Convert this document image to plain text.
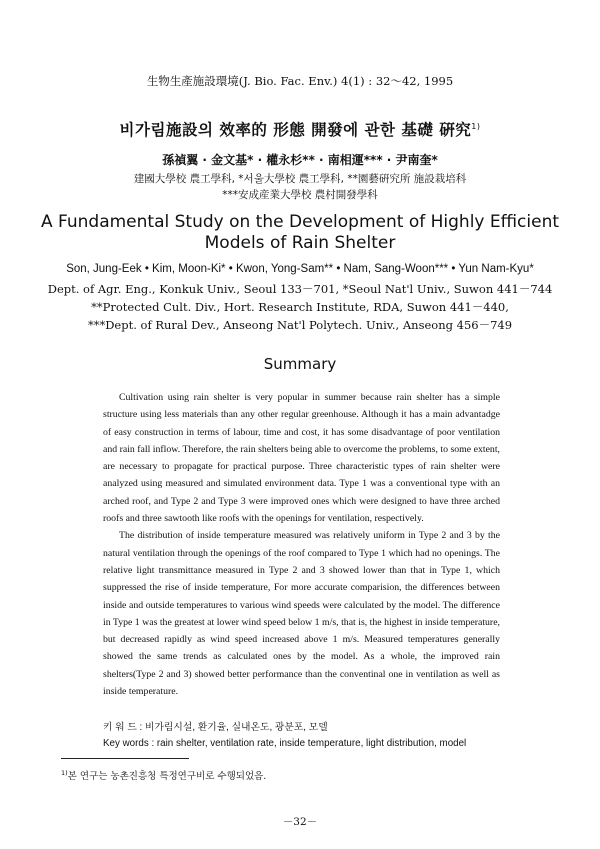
生物生產施設環境(J. Bio. Fac. Env.) 4(1) : 32～42, 1995
비가림施設의 效率的 形態 開發에 관한 基礎 硏究$^{1)}$
孫禎翼 · 金文基* · 權永杉** · 南相運*** · 尹南奎*
建國大學校 農工學科, *서울大學校 農工學科, **園藝硏究所 施設栽培科
***安成産業大學校 農村開發學科
A Fundamental Study on the Development of Highly Efficient
Models of Rain Shelter
Son, Jung-Eek • Kim, Moon-Ki* • Kwon, Yong-Sam** • Nam, Sang-Woon*** • Yun Nam-Kyu*
Dept. of Agr. Eng., Konkuk Univ., Seoul 133－701, *Seoul Nat'l Univ., Suwon 441－744
**Protected Cult. Div., Hort. Research Institute, RDA, Suwon 441－440,
***Dept. of Rural Dev., Anseong Nat'l Polytech. Univ., Anseong 456－749
Summary

Cultivation using rain shelter is very popular in summer because rain shelter has a simple structure using less materials than any other regular greenhouse. Although it has a main advantadge of easy construction in terms of labour, time and cost, it has some disadvantage of poor ventilation and rain fall inflow. Therefore, the rain shelters being able to overcome the problems, to some extent, are necessary to propagate for practical purpose. Three characteristic types of rain shelter were analyzed using measured and simulated environment data. Type 1 was a conventional type with an arched roof, and Type 2 and Type 3 were improved ones which were designed to have three arched roofs and three sawtooth like roofs with the openings for ventilation, respectively.

The distribution of inside temperature measured was relatively uniform in Type 2 and 3 by the natural ventilation through the openings of the roof compared to Type 1 which had no openings. The relative light transmittance measured in Type 2 and 3 showed lower than that in Type 1, which suppressed the rise of inside temperature, For more accurate comparision, the differences between inside and outside temperatures to various wind speeds were calculated by the model. The difference in Type 1 was the greatest at lower wind speed below 1 m/s, that is, the highest in inside temperature, but decreased rapidly as wind speed increased above 1 m/s. Measured temperatures generally showed the same trends as calculated ones by the model. As a whole, the improved rain shelters(Type 2 and 3) showed better performance than the conventinal one in ventilation as well as inside temperature.

키 워 드 : 비가림시설, 환기율, 실내온도, 광분포, 모델
Key words : rain shelter, ventilation rate, inside temperature, light distribution, model
$^{1)}$본 연구는 농촌진흥청 특정연구비로 수행되었음.
－32－
